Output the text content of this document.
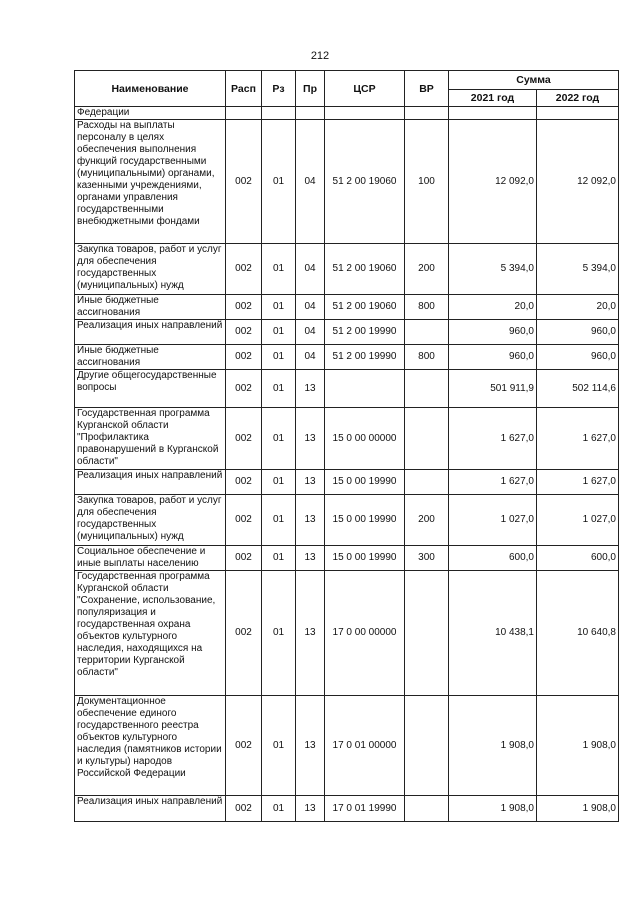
212
Наименование	Расп	Рз	Пр	ЦСР	ВР	Сумма	
						2021 год	2022 год
Федерации							
Расходы на выплаты персоналу в целях обеспечения выполнения функций государственными (муниципальными) органами, казенными учреждениями, органами управления государственными внебюджетными фондами	002	01	04	51 2 00 19060	100	12 092,0	12 092,0
Закупка товаров, работ и услуг для обеспечения государственных (муниципальных) нужд	002	01	04	51 2 00 19060	200	5 394,0	5 394,0
Иные бюджетные ассигнования	002	01	04	51 2 00 19060	800	20,0	20,0
Реализация иных направлений	002	01	04	51 2 00 19990		960,0	960,0
Иные бюджетные ассигнования	002	01	04	51 2 00 19990	800	960,0	960,0
Другие общегосударственные вопросы	002	01	13			501 911,9	502 114,6
Государственная программа Курганской области "Профилактика правонарушений в Курганской области"	002	01	13	15 0 00 00000		1 627,0	1 627,0
Реализация иных направлений	002	01	13	15 0 00 19990		1 627,0	1 627,0
Закупка товаров, работ и услуг для обеспечения государственных (муниципальных) нужд	002	01	13	15 0 00 19990	200	1 027,0	1 027,0
Социальное обеспечение и иные выплаты населению	002	01	13	15 0 00 19990	300	600,0	600,0
Государственная программа Курганской области "Сохранение, использование, популяризация и государственная охрана объектов культурного наследия, находящихся на территории Курганской области"	002	01	13	17 0 00 00000		10 438,1	10 640,8
Документационное обеспечение единого государственного реестра объектов культурного наследия (памятников истории и культуры) народов Российской Федерации	002	01	13	17 0 01 00000		1 908,0	1 908,0
Реализация иных направлений	002	01	13	17 0 01 19990		1 908,0	1 908,0
